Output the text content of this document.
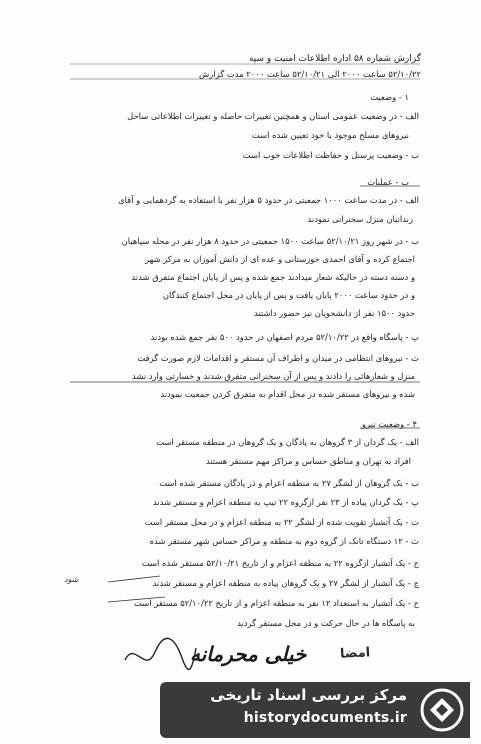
گزارش شماره ۵۸ اداره اطلاعات امنیت و سپه
۵۲/۱۰/۲۲ ساعت ۲۰۰۰ الی ۵۲/۱۰/۲۱ ساعت ۲۰۰۰ مدت گزارش
۱ - وضعیت
الف - در وضعیت عمومی استان و همچنین تغییرات حاصله و تغییرات اطلاعاتی ساحل
نیروهای مسلح موجود با خود تعیین شده است
ب - وضعیت پرسنل و حفاظت اطلاعات خوب است
ب - عملیات
الف - در مدت ساعت ۱۰۰۰ جمعیتی در حدود ۵ هزار نفر با استفاده به گردهمایی و آقای
زندانیان منزل سخنرانی نمودند
ب - در شهر روز ۵۲/۱۰/۲۱ ساعت ۱۵۰۰ جمعیتی در حدود ۸ هزار نفر در محله سپاهیان
اجتماع کرده و آقای احمدی خوزستانی و عده ای از دانش آموزان به مرکز شهر
و دسته دسته در حالیکه شعار میدادند جمع شده و پس از پایان اجتماع متفرق شدند
و در حدود ساعت ۲۰۰۰ پایان یافت و پس از پایان در محل اجتماع کنندگان
حدود ۱۵۰۰ نفر از دانشجویان نیز حضور داشتند
پ - پاسگاه واقع در ۵۲/۱۰/۲۲ مردم اصفهان در حدود ۵۰۰ نفر جمع شده بودند
ت - نیروهای انتظامی در میدان و اطراف آن مستقر و اقدامات لازم صورت گرفت
منزل و شعارهائی را دادند و پس از آن سخنرانی متفرق شدند و خسارتی وارد نشد
شده و نیروهای مستقر شده در محل اقدام به متفرق کردن جمعیت نمودند
۴ - وضعیت نیرو
الف - یک گردان از ۳ گروهان به پادگان و یک گروهان در منطقه مستقر است
افراد به تهران و مناطق حساس و مراکز مهم مستقر هستند
ب - یک گروهان از لشگر ۲۷ به منطقه اعزام و در پادگان مستقر شده است
پ - یک گردان پیاده از ۲۳ نفر ازگروه ۲۲ تیپ به منطقه اعزام و مستقر شدند
ت - یک آتشبار تقویت شده از لشگر ۲۲ به منطقه اعزام و در محل مستقر است
ث - ۱۲ دستگاه تانک از گروه دوم به منطقه و مراکز حساس شهر مستقر شده
ج - یک آتشبار ازگروه ۲۲ به منطقه اعزام و از تاریخ ۵۲/۱۰/۲۱ مستقر شده است
چ - یک آتشبار از لشگر ۲۷ و یک گروهان پیاده به منطقه اعزام و مستقر شدند
ح - یک آتشبار به استعداد ۱۲ نفر به منطقه اعزام و از تاریخ ۵۲/۱۰/۲۲ مستقر است
به پاسگاه ها در حال حرکت و در محل مستقر گردید
شود
خیلی محرمانه	امضا
مرکز بررسی اسناد تاریخی
historydocuments.ir
